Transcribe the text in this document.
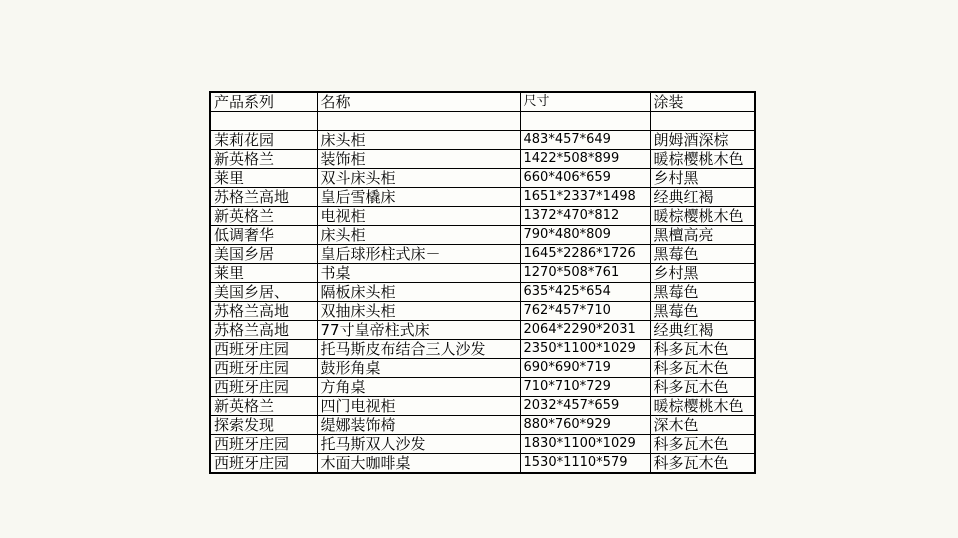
产品系列	名称	尺寸	涂装

茉莉花园	床头柜	483*457*649	朗姆酒深棕
新英格兰	装饰柜	1422*508*899	暖棕樱桃木色
莱里	双斗床头柜	660*406*659	乡村黑
苏格兰高地	皇后雪橇床	1651*2337*1498	经典红褐
新英格兰	电视柜	1372*470*812	暖棕樱桃木色
低调奢华	床头柜	790*480*809	黑檀高亮
美国乡居	皇后球形柱式床－	1645*2286*1726	黑莓色
莱里	书桌	1270*508*761	乡村黑
美国乡居、	隔板床头柜	635*425*654	黑莓色
苏格兰高地	双抽床头柜	762*457*710	黑莓色
苏格兰高地	77寸皇帝柱式床	2064*2290*2031	经典红褐
西班牙庄园	托马斯皮布结合三人沙发	2350*1100*1029	科多瓦木色
西班牙庄园	鼓形角桌	690*690*719	科多瓦木色
西班牙庄园	方角桌	710*710*729	科多瓦木色
新英格兰	四门电视柜	2032*457*659	暖棕樱桃木色
探索发现	缇娜装饰椅	880*760*929	深木色
西班牙庄园	托马斯双人沙发	1830*1100*1029	科多瓦木色
西班牙庄园	木面大咖啡桌	1530*1110*579	科多瓦木色
